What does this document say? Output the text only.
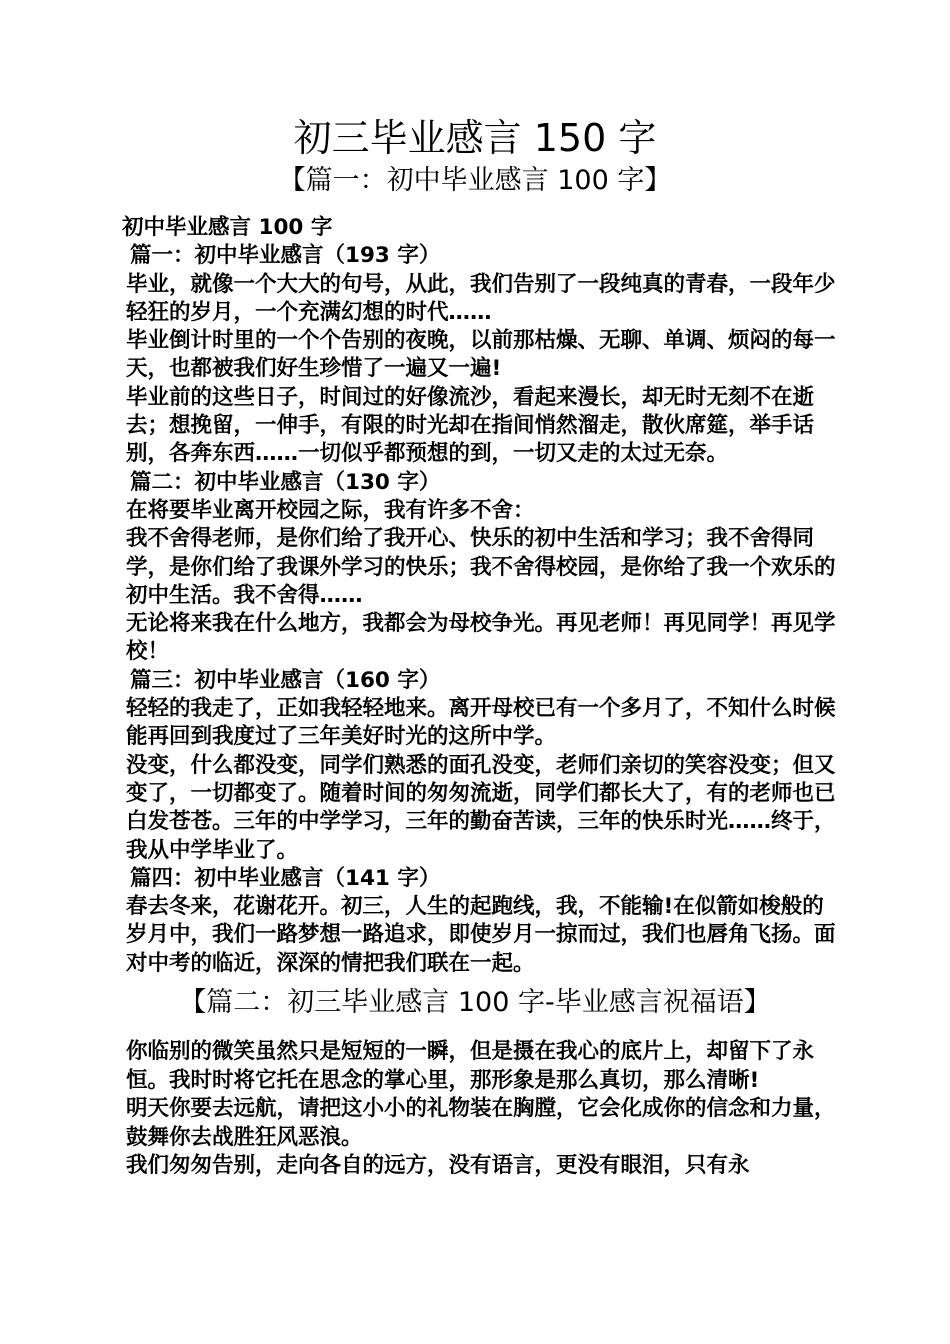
初三毕业感言 150 字
【篇一：初中毕业感言 100 字】

初中毕业感言 100 字

篇一：初中毕业感言（193 字）

毕业，就像一个大大的句号，从此，我们告别了一段纯真的青春，一段年少轻狂的岁月，一个充满幻想的时代……

毕业倒计时里的一个个告别的夜晚，以前那枯燥、无聊、单调、烦闷的每一天，也都被我们好生珍惜了一遍又一遍!

毕业前的这些日子，时间过的好像流沙，看起来漫长，却无时无刻不在逝去；想挽留，一伸手，有限的时光却在指间悄然溜走，散伙席筵，举手话别，各奔东西……一切似乎都预想的到，一切又走的太过无奈。

篇二：初中毕业感言（130 字）

在将要毕业离开校园之际，我有许多不舍：

我不舍得老师，是你们给了我开心、快乐的初中生活和学习；我不舍得同学，是你们给了我课外学习的快乐；我不舍得校园，是你给了我一个欢乐的初中生活。我不舍得……

无论将来我在什么地方，我都会为母校争光。再见老师！再见同学！再见学校！

篇三：初中毕业感言（160 字）

轻轻的我走了，正如我轻轻地来。离开母校已有一个多月了，不知什么时候能再回到我度过了三年美好时光的这所中学。

没变，什么都没变，同学们熟悉的面孔没变，老师们亲切的笑容没变；但又变了，一切都变了。随着时间的匆匆流逝，同学们都长大了，有的老师也已白发苍苍。三年的中学学习，三年的勤奋苦读，三年的快乐时光……终于，我从中学毕业了。

篇四：初中毕业感言（141 字）

春去冬来，花谢花开。初三，人生的起跑线，我，不能输!在似箭如梭般的岁月中，我们一路梦想一路追求，即使岁月一掠而过，我们也唇角飞扬。面对中考的临近，深深的情把我们联在一起。

【篇二：初三毕业感言 100 字-毕业感言祝福语】

你临别的微笑虽然只是短短的一瞬，但是摄在我心的底片上，却留下了永恒。我时时将它托在思念的掌心里，那形象是那么真切，那么清晰!

明天你要去远航，请把这小小的礼物装在胸膛，它会化成你的信念和力量，鼓舞你去战胜狂风恶浪。

我们匆匆告别，走向各自的远方，没有语言，更没有眼泪，只有永
